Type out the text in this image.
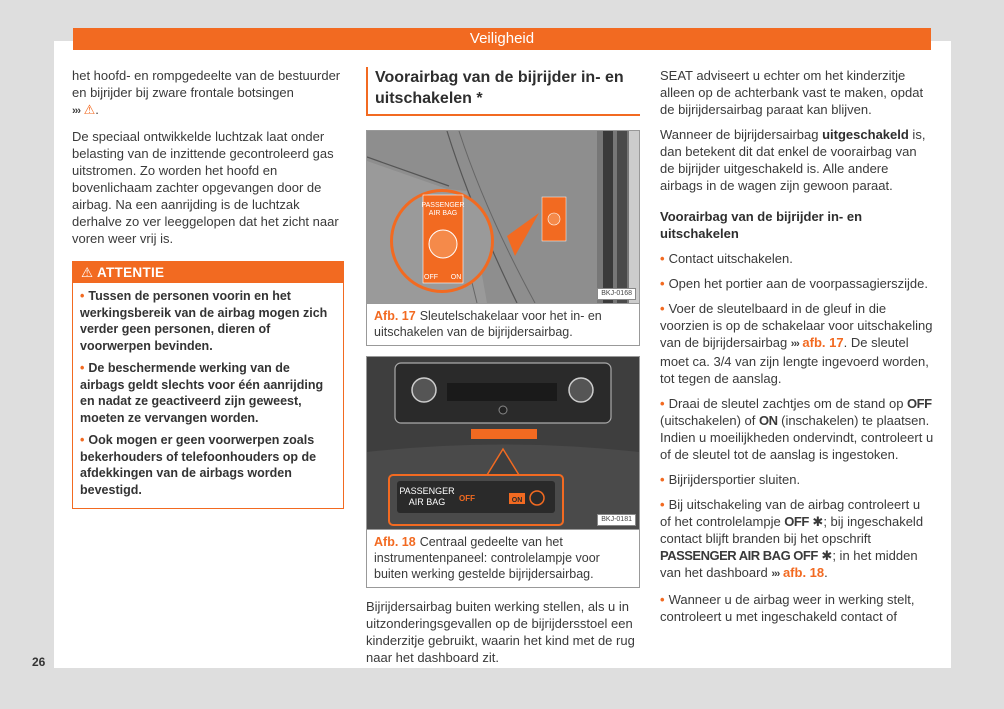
Veiligheid

het hoofd- en rompgedeelte van de bestuurder en bijrijder bij zware frontale botsingen
››› ⚠.

De speciaal ontwikkelde luchtzak laat onder belasting van de inzittende gecontroleerd gas uitstromen. Zo worden het hoofd en bovenlichaam zachter opgevangen door de airbag. Na een aanrijding is de luchtzak derhalve zo ver leeggelopen dat het zicht naar voren weer vrij is.

⚠ ATTENTIE

• Tussen de personen voorin en het werkingsbereik van de airbag mogen zich verder geen personen, dieren of voorwerpen bevinden.

• De beschermende werking van de airbags geldt slechts voor één aanrijding en nadat ze geactiveerd zijn geweest, moeten ze vervangen worden.

• Ook mogen er geen voorwerpen zoals bekerhouders of telefoonhouders op de afdekkingen van de airbags worden bevestigd.

Voorairbag van de bijrijder in- en uitschakelen *
PASSENGER
AIR BAG
OFF ON
BKJ-0168
Afb. 17 Sleutelschakelaar voor het in- en uitschakelen van de bijrijdersairbag.
PASSENGER
AIR BAG OFF	ON
BKJ-0181
Afb. 18 Centraal gedeelte van het instrumentenpaneel: controlelampje voor buiten werking gestelde bijrijdersairbag.

Bijrijdersairbag buiten werking stellen, als u in uitzonderingsgevallen op de bijrijdersstoel een kinderzitje gebruikt, waarin het kind met de rug naar het dashboard zit.

SEAT adviseert u echter om het kinderzitje alleen op de achterbank vast te maken, opdat de bijrijdersairbag paraat kan blijven.

Wanneer de bijrijdersairbag uitgeschakeld is, dan betekent dit dat enkel de voorairbag van de bijrijder uitgeschakeld is. Alle andere airbags in de wagen zijn gewoon paraat.

Voorairbag van de bijrijder in- en uitschakelen

• Contact uitschakelen.

• Open het portier aan de voorpassagierszijde.

• Voer de sleutelbaard in de gleuf in die voorzien is op de schakelaar voor uitschakeling van de bijrijdersairbag ››› afb. 17. De sleutel moet ca. 3/4 van zijn lengte ingevoerd worden, tot tegen de aanslag.

• Draai de sleutel zachtjes om de stand op OFF (uitschakelen) of ON (inschakelen) te plaatsen. Indien u moeilijkheden ondervindt, controleert u of de sleutel tot de aanslag is ingestoken.

• Bijrijdersportier sluiten.

• Bij uitschakeling van de airbag controleert u of het controlelampje OFF ✱; bij ingeschakeld contact blijft branden bij het opschrift PASSENGER AIR BAG OFF ✱; in het midden van het dashboard ››› afb. 18.

• Wanneer u de airbag weer in werking stelt, controleert u met ingeschakeld contact of

26
